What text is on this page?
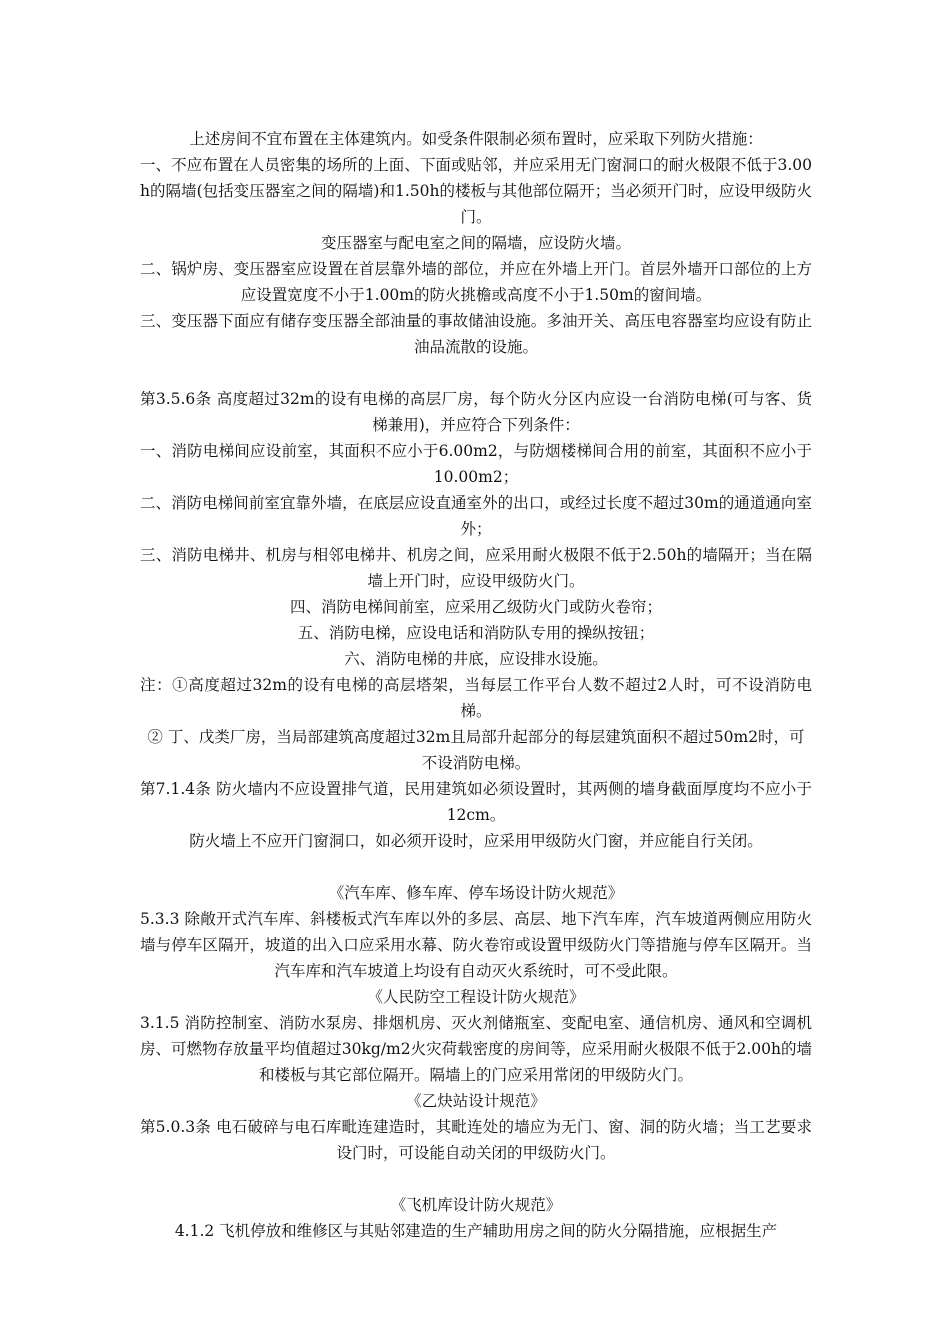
上述房间不宜布置在主体建筑内。如受条件限制必须布置时，应采取下列防火措施：

一、不应布置在人员密集的场所的上面、下面或贴邻，并应采用无门窗洞口的耐火极限不低于3.00h的隔墙(包括变压器室之间的隔墙)和1.50h的楼板与其他部位隔开；当必须开门时，应设甲级防火门。

变压器室与配电室之间的隔墙，应设防火墙。

二、锅炉房、变压器室应设置在首层靠外墙的部位，并应在外墙上开门。首层外墙开口部位的上方应设置宽度不小于1.00m的防火挑檐或高度不小于1.50m的窗间墙。

三、变压器下面应有储存变压器全部油量的事故储油设施。多油开关、高压电容器室均应设有防止油品流散的设施。

第3.5.6条 高度超过32m的设有电梯的高层厂房，每个防火分区内应设一台消防电梯(可与客、货梯兼用)，并应符合下列条件：

一、消防电梯间应设前室，其面积不应小于6.00m2，与防烟楼梯间合用的前室，其面积不应小于10.00m2；

二、消防电梯间前室宜靠外墙，在底层应设直通室外的出口，或经过长度不超过30m的通道通向室外；

三、消防电梯井、机房与相邻电梯井、机房之间，应采用耐火极限不低于2.50h的墙隔开；当在隔墙上开门时，应设甲级防火门。

四、消防电梯间前室，应采用乙级防火门或防火卷帘；

五、消防电梯，应设电话和消防队专用的操纵按钮；

六、消防电梯的井底，应设排水设施。

注：①高度超过32m的设有电梯的高层塔架，当每层工作平台人数不超过2人时，可不设消防电梯。

② 丁、戊类厂房，当局部建筑高度超过32m且局部升起部分的每层建筑面积不超过50m2时，可

不设消防电梯。

第7.1.4条 防火墙内不应设置排气道，民用建筑如必须设置时，其两侧的墙身截面厚度均不应小于12cm。

防火墙上不应开门窗洞口，如必须开设时，应采用甲级防火门窗，并应能自行关闭。

《汽车库、修车库、停车场设计防火规范》

5.3.3 除敞开式汽车库、斜楼板式汽车库以外的多层、高层、地下汽车库，汽车坡道两侧应用防火墙与停车区隔开，坡道的出入口应采用水幕、防火卷帘或设置甲级防火门等措施与停车区隔开。当汽车库和汽车坡道上均设有自动灭火系统时，可不受此限。

《人民防空工程设计防火规范》

3.1.5 消防控制室、消防水泵房、排烟机房、灭火剂储瓶室、变配电室、通信机房、通风和空调机房、可燃物存放量平均值超过30kg/m2火灾荷载密度的房间等，应采用耐火极限不低于2.00h的墙和楼板与其它部位隔开。隔墙上的门应采用常闭的甲级防火门。

《乙炔站设计规范》

第5.0.3条 电石破碎与电石库毗连建造时，其毗连处的墙应为无门、窗、洞的防火墙；当工艺要求设门时，可设能自动关闭的甲级防火门。

《飞机库设计防火规范》

4.1.2 飞机停放和维修区与其贴邻建造的生产辅助用房之间的防火分隔措施，应根据生产
